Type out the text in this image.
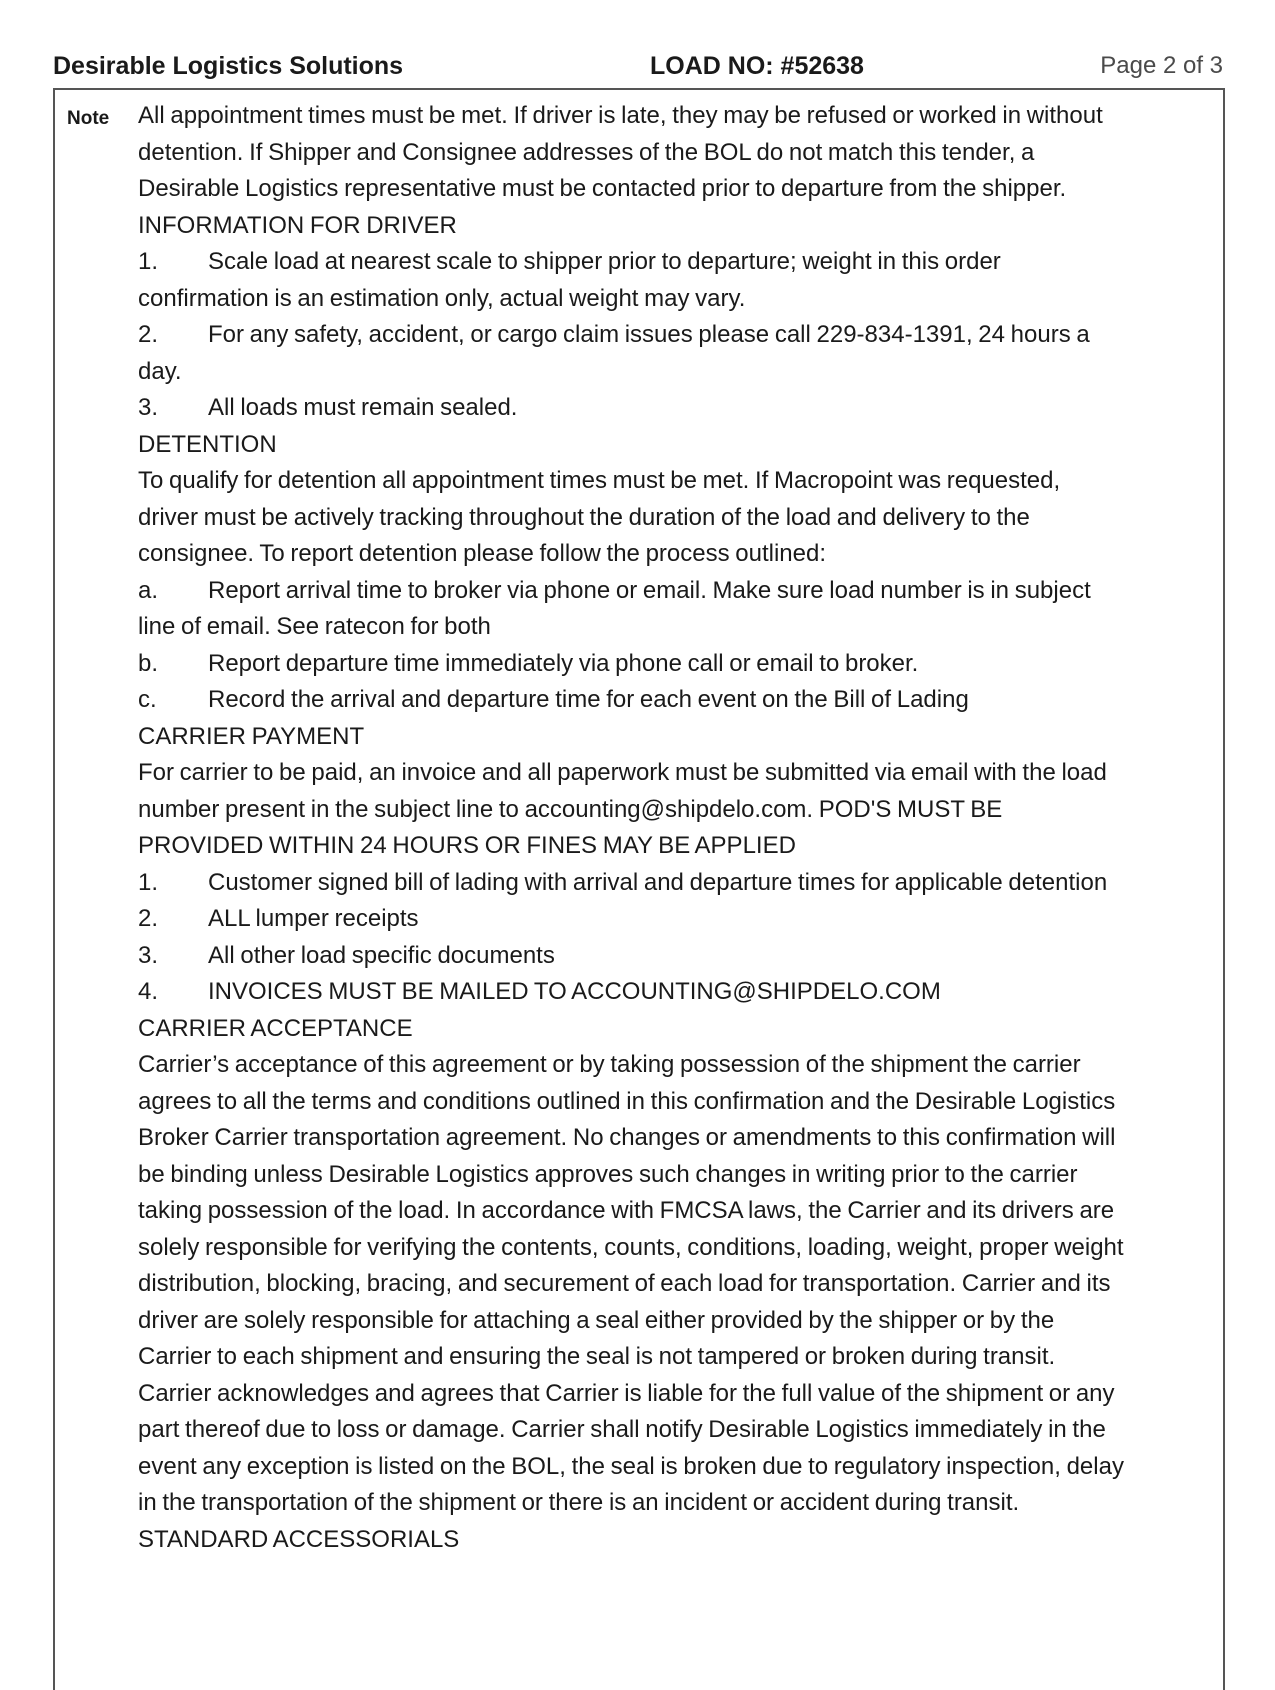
Desirable Logistics Solutions	LOAD NO: #52638	Page 2 of 3
Note All appointment times must be met. If driver is late, they may be refused or worked in without
detention. If Shipper and Consignee addresses of the BOL do not match this tender, a
Desirable Logistics representative must be contacted prior to departure from the shipper.
INFORMATION FOR DRIVER
1. Scale load at nearest scale to shipper prior to departure; weight in this order
confirmation is an estimation only, actual weight may vary.
2. For any safety, accident, or cargo claim issues please call 229-834-1391, 24 hours a
day.
3. All loads must remain sealed.
DETENTION
To qualify for detention all appointment times must be met. If Macropoint was requested,
driver must be actively tracking throughout the duration of the load and delivery to the
consignee. To report detention please follow the process outlined:
a. Report arrival time to broker via phone or email. Make sure load number is in subject
line of email. See ratecon for both
b. Report departure time immediately via phone call or email to broker.
c. Record the arrival and departure time for each event on the Bill of Lading
CARRIER PAYMENT
For carrier to be paid, an invoice and all paperwork must be submitted via email with the load
number present in the subject line to accounting@shipdelo.com. POD'S MUST BE
PROVIDED WITHIN 24 HOURS OR FINES MAY BE APPLIED
1. Customer signed bill of lading with arrival and departure times for applicable detention
2. ALL lumper receipts
3. All other load specific documents
4. INVOICES MUST BE MAILED TO ACCOUNTING@SHIPDELO.COM
CARRIER ACCEPTANCE
Carrier’s acceptance of this agreement or by taking possession of the shipment the carrier
agrees to all the terms and conditions outlined in this confirmation and the Desirable Logistics
Broker Carrier transportation agreement. No changes or amendments to this confirmation will
be binding unless Desirable Logistics approves such changes in writing prior to the carrier
taking possession of the load. In accordance with FMCSA laws, the Carrier and its drivers are
solely responsible for verifying the contents, counts, conditions, loading, weight, proper weight
distribution, blocking, bracing, and securement of each load for transportation. Carrier and its
driver are solely responsible for attaching a seal either provided by the shipper or by the
Carrier to each shipment and ensuring the seal is not tampered or broken during transit.
Carrier acknowledges and agrees that Carrier is liable for the full value of the shipment or any
part thereof due to loss or damage. Carrier shall notify Desirable Logistics immediately in the
event any exception is listed on the BOL, the seal is broken due to regulatory inspection, delay
in the transportation of the shipment or there is an incident or accident during transit.
STANDARD ACCESSORIALS
